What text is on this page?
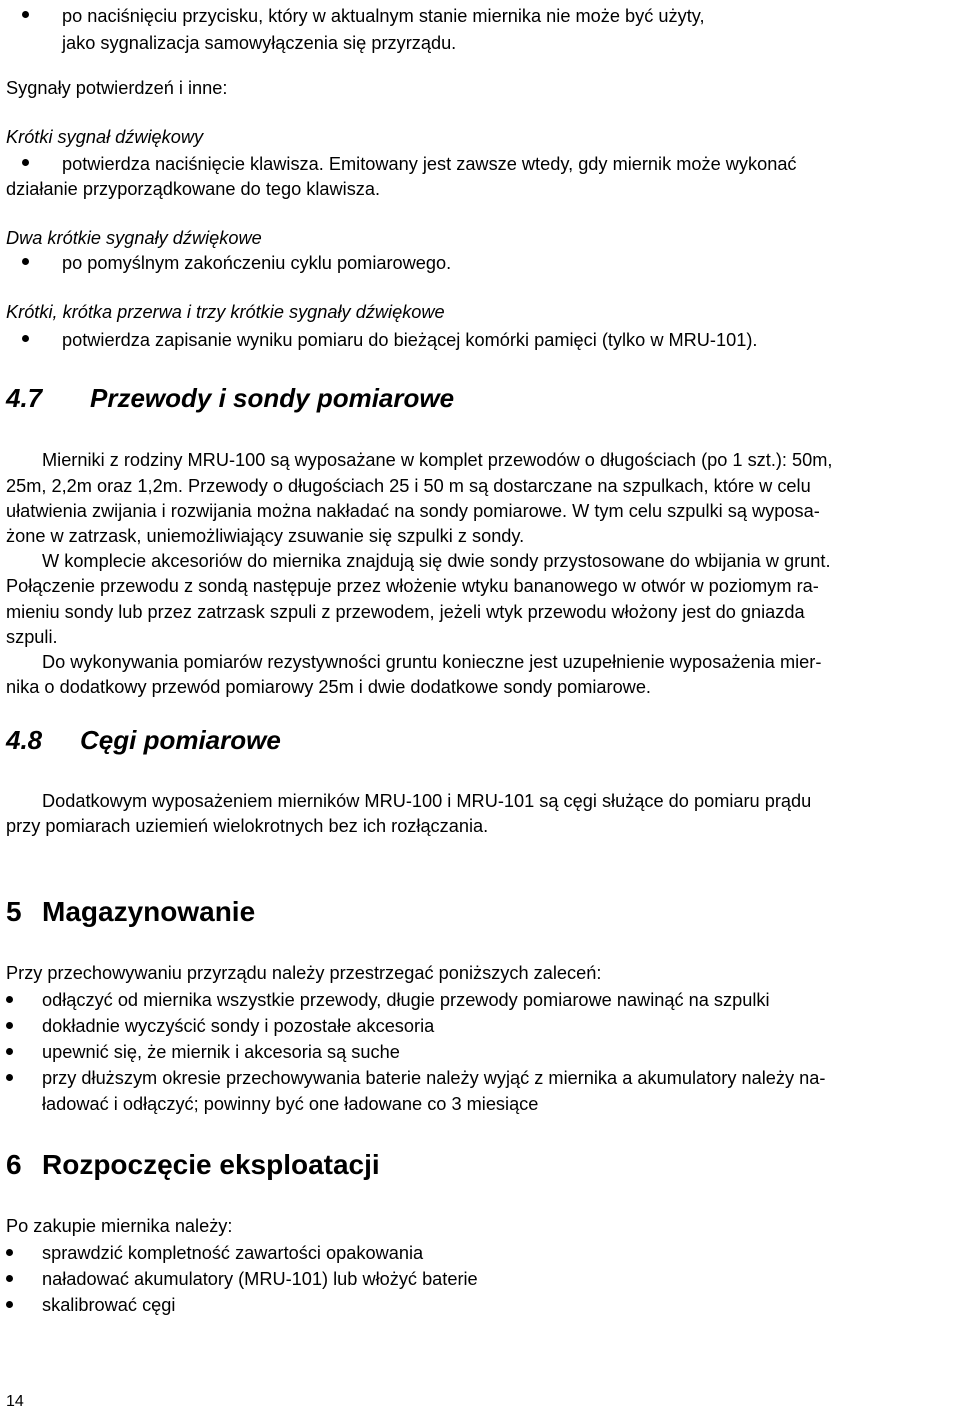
po naciśnięciu przycisku, który w aktualnym stanie miernika nie może być użyty,
jako sygnalizacja samowyłączenia się przyrządu.
Sygnały potwierdzeń i inne:
Krótki sygnał dźwiękowy
potwierdza naciśnięcie klawisza. Emitowany jest zawsze wtedy, gdy miernik może wykonać
działanie przyporządkowane do tego klawisza.
Dwa krótkie sygnały dźwiękowe
po pomyślnym zakończeniu cyklu pomiarowego.
Krótki, krótka przerwa i trzy krótkie sygnały dźwiękowe
potwierdza zapisanie wyniku pomiaru do bieżącej komórki pamięci (tylko w MRU-101).
4.7 Przewody i sondy pomiarowe
Mierniki z rodziny MRU-100 są wyposażane w komplet przewodów o długościach (po 1 szt.): 50m,
25m, 2,2m oraz 1,2m. Przewody o długościach 25 i 50 m są dostarczane na szpulkach, które w celu
ułatwienia zwijania i rozwijania można nakładać na sondy pomiarowe. W tym celu szpulki są wyposa-
żone w zatrzask, uniemożliwiający zsuwanie się szpulki z sondy.
W komplecie akcesoriów do miernika znajdują się dwie sondy przystosowane do wbijania w grunt.
Połączenie przewodu z sondą następuje przez włożenie wtyku bananowego w otwór w poziomym ra-
mieniu sondy lub przez zatrzask szpuli z przewodem, jeżeli wtyk przewodu włożony jest do gniazda
szpuli.
Do wykonywania pomiarów rezystywności gruntu konieczne jest uzupełnienie wyposażenia mier-
nika o dodatkowy przewód pomiarowy 25m i dwie dodatkowe sondy pomiarowe.
4.8 Cęgi pomiarowe
Dodatkowym wyposażeniem mierników MRU-100 i MRU-101 są cęgi służące do pomiaru prądu
przy pomiarach uziemień wielokrotnych bez ich rozłączania.
5 Magazynowanie
Przy przechowywaniu przyrządu należy przestrzegać poniższych zaleceń:
odłączyć od miernika wszystkie przewody, długie przewody pomiarowe nawinąć na szpulki
dokładnie wyczyścić sondy i pozostałe akcesoria
upewnić się, że miernik i akcesoria są suche
przy dłuższym okresie przechowywania baterie należy wyjąć z miernika a akumulatory należy na-
ładować i odłączyć; powinny być one ładowane co 3 miesiące
6 Rozpoczęcie eksploatacji
Po zakupie miernika należy:
sprawdzić kompletność zawartości opakowania
naładować akumulatory (MRU-101) lub włożyć baterie
skalibrować cęgi
14
